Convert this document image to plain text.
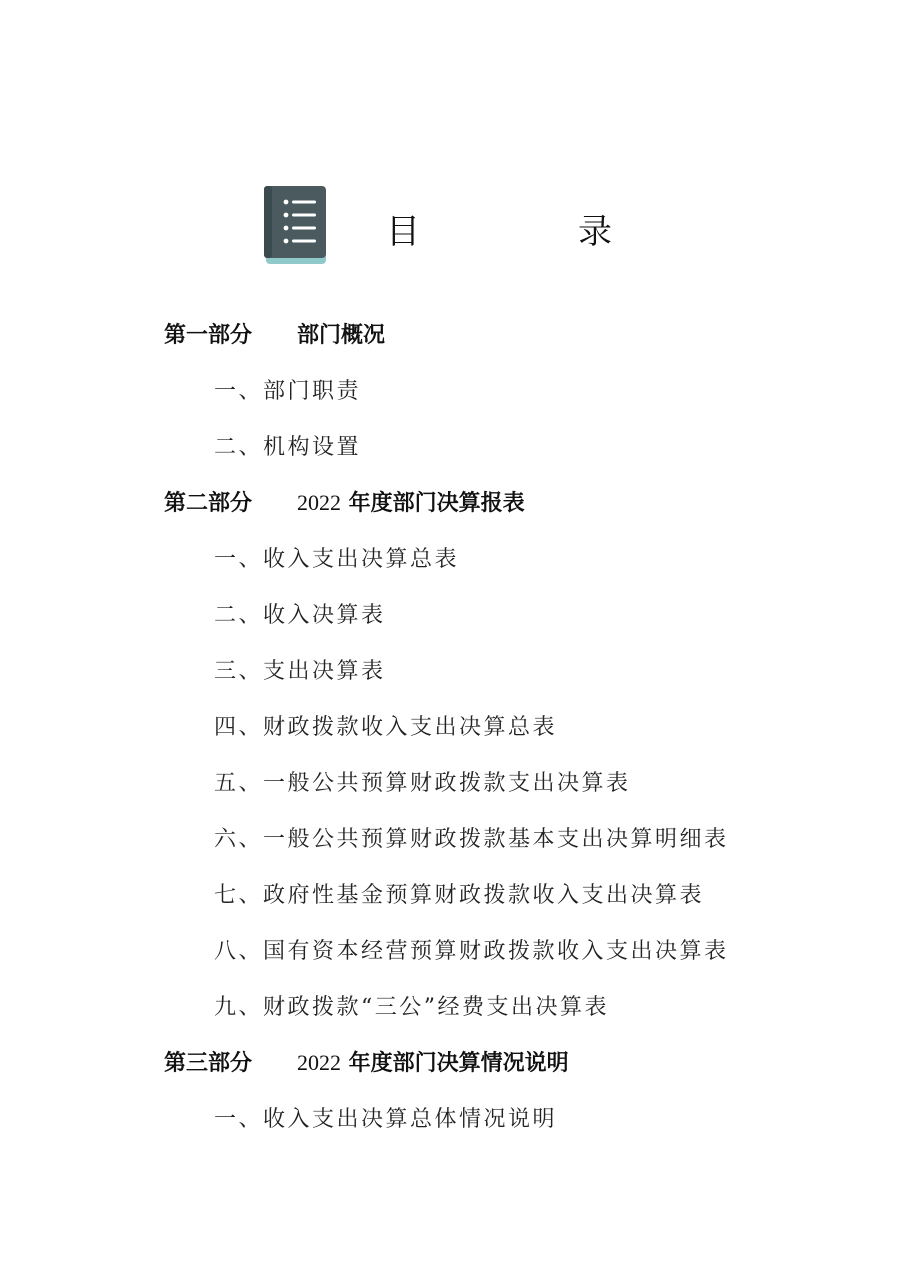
目　录
第一部分 部门概况
一、部门职责
二、机构设置
第二部分 2022 年度部门决算报表
一、收入支出决算总表
二、收入决算表
三、支出决算表
四、财政拨款收入支出决算总表
五、一般公共预算财政拨款支出决算表
六、一般公共预算财政拨款基本支出决算明细表
七、政府性基金预算财政拨款收入支出决算表
八、国有资本经营预算财政拨款收入支出决算表
九、财政拨款“三公”经费支出决算表
第三部分 2022 年度部门决算情况说明
一、收入支出决算总体情况说明
